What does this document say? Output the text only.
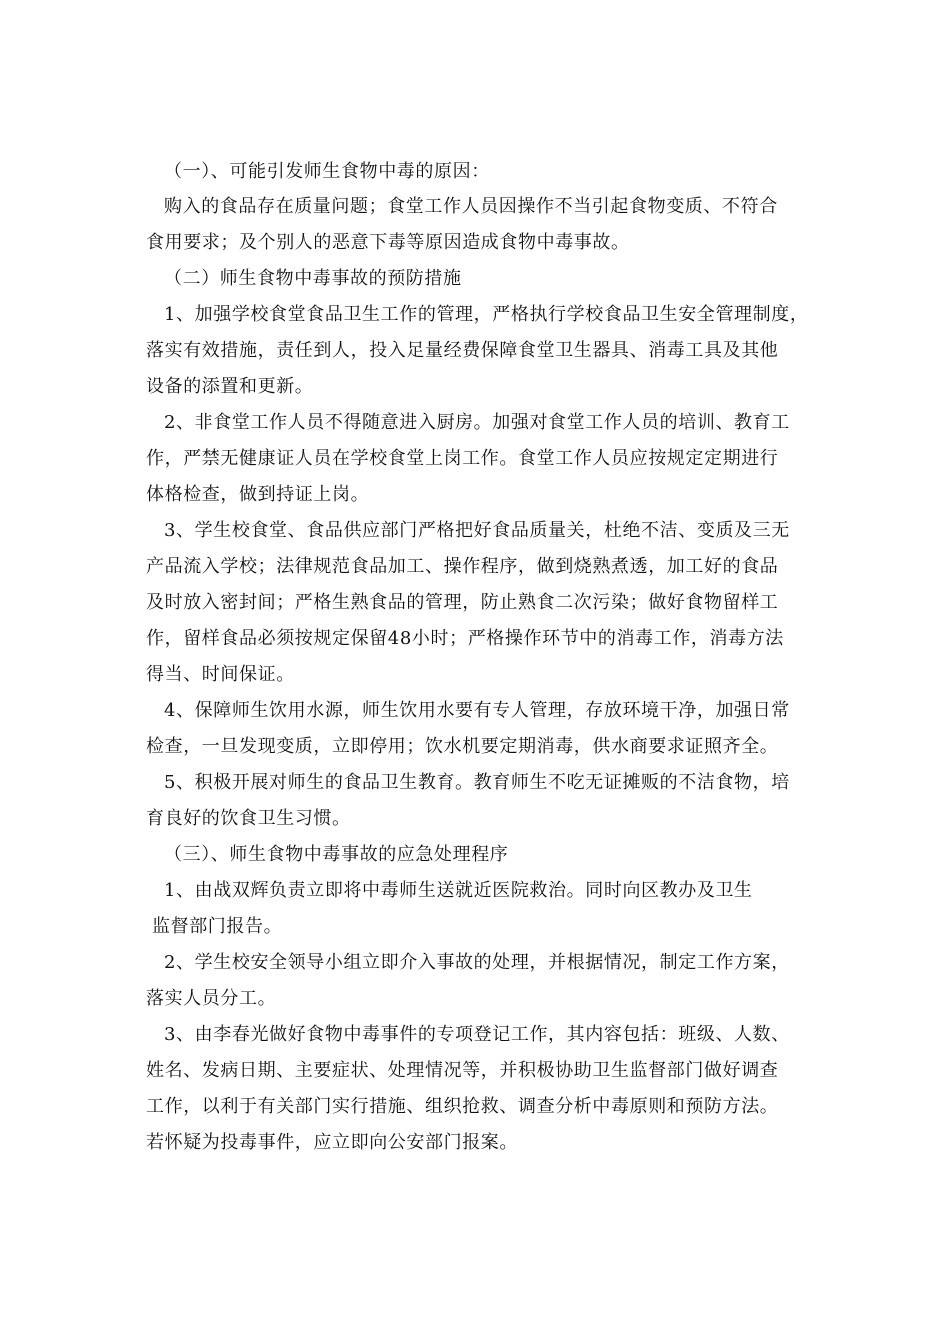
（一）、可能引发师生食物中毒的原因：
购入的食品存在质量问题；食堂工作人员因操作不当引起食物变质、不符合
食用要求；及个别人的恶意下毒等原因造成食物中毒事故。
（二）师生食物中毒事故的预防措施
1、加强学校食堂食品卫生工作的管理，严格执行学校食品卫生安全管理制度，
落实有效措施，责任到人，投入足量经费保障食堂卫生器具、消毒工具及其他
设备的添置和更新。
2、非食堂工作人员不得随意进入厨房。加强对食堂工作人员的培训、教育工
作，严禁无健康证人员在学校食堂上岗工作。食堂工作人员应按规定定期进行
体格检查，做到持证上岗。
3、学生校食堂、食品供应部门严格把好食品质量关，杜绝不洁、变质及三无
产品流入学校；法律规范食品加工、操作程序，做到烧熟煮透，加工好的食品
及时放入密封间；严格生熟食品的管理，防止熟食二次污染；做好食物留样工
作，留样食品必须按规定保留48小时；严格操作环节中的消毒工作，消毒方法
得当、时间保证。
4、保障师生饮用水源，师生饮用水要有专人管理，存放环境干净，加强日常
检查，一旦发现变质，立即停用；饮水机要定期消毒，供水商要求证照齐全。
5、积极开展对师生的食品卫生教育。教育师生不吃无证摊贩的不洁食物，培
育良好的饮食卫生习惯。
（三）、师生食物中毒事故的应急处理程序
1、由战双辉负责立即将中毒师生送就近医院救治。同时向区教办及卫生
监督部门报告。
2、学生校安全领导小组立即介入事故的处理，并根据情况，制定工作方案，
落实人员分工。
3、由李春光做好食物中毒事件的专项登记工作，其内容包括：班级、人数、
姓名、发病日期、主要症状、处理情况等，并积极协助卫生监督部门做好调查
工作，以利于有关部门实行措施、组织抢救、调查分析中毒原则和预防方法。
若怀疑为投毒事件，应立即向公安部门报案。
